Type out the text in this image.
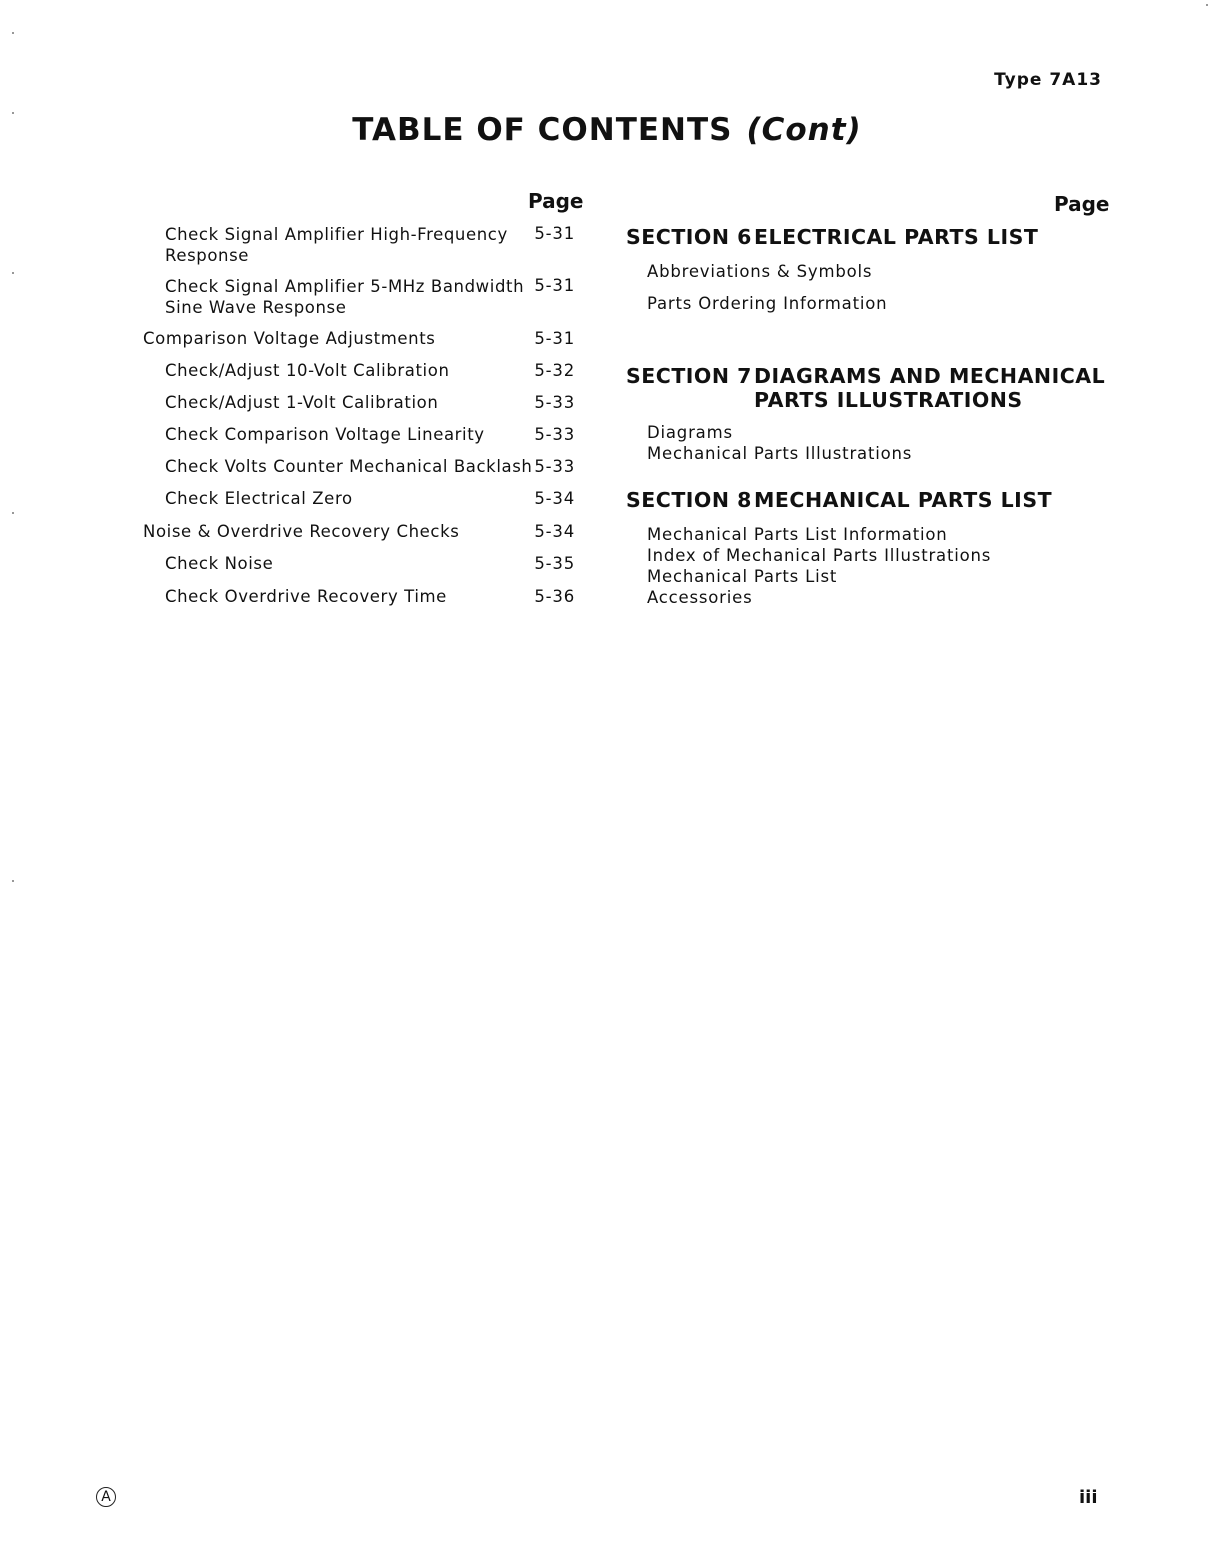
Type 7A13
TABLE OF CONTENTS (Cont)
Page
Check Signal Amplifier High-Frequency
Response
5-31
Check Signal Amplifier 5-MHz Bandwidth
Sine Wave Response
5-31
Comparison Voltage Adjustments	5-31
Check/Adjust 10-Volt Calibration	5-32
Check/Adjust 1-Volt Calibration	5-33
Check Comparison Voltage Linearity	5-33
Check Volts Counter Mechanical Backlash 5-33
Check Electrical Zero	5-34
Noise & Overdrive Recovery Checks	5-34
Check Noise	5-35
Check Overdrive Recovery Time	5-36
Page
SECTION 6 ELECTRICAL PARTS LIST
Abbreviations & Symbols
Parts Ordering Information
SECTION 7 DIAGRAMS AND MECHANICAL
PARTS ILLUSTRATIONS
Diagrams
Mechanical Parts Illustrations
SECTION 8 MECHANICAL PARTS LIST
Mechanical Parts List Information
Index of Mechanical Parts Illustrations
Mechanical Parts List
Accessories
A	iii
